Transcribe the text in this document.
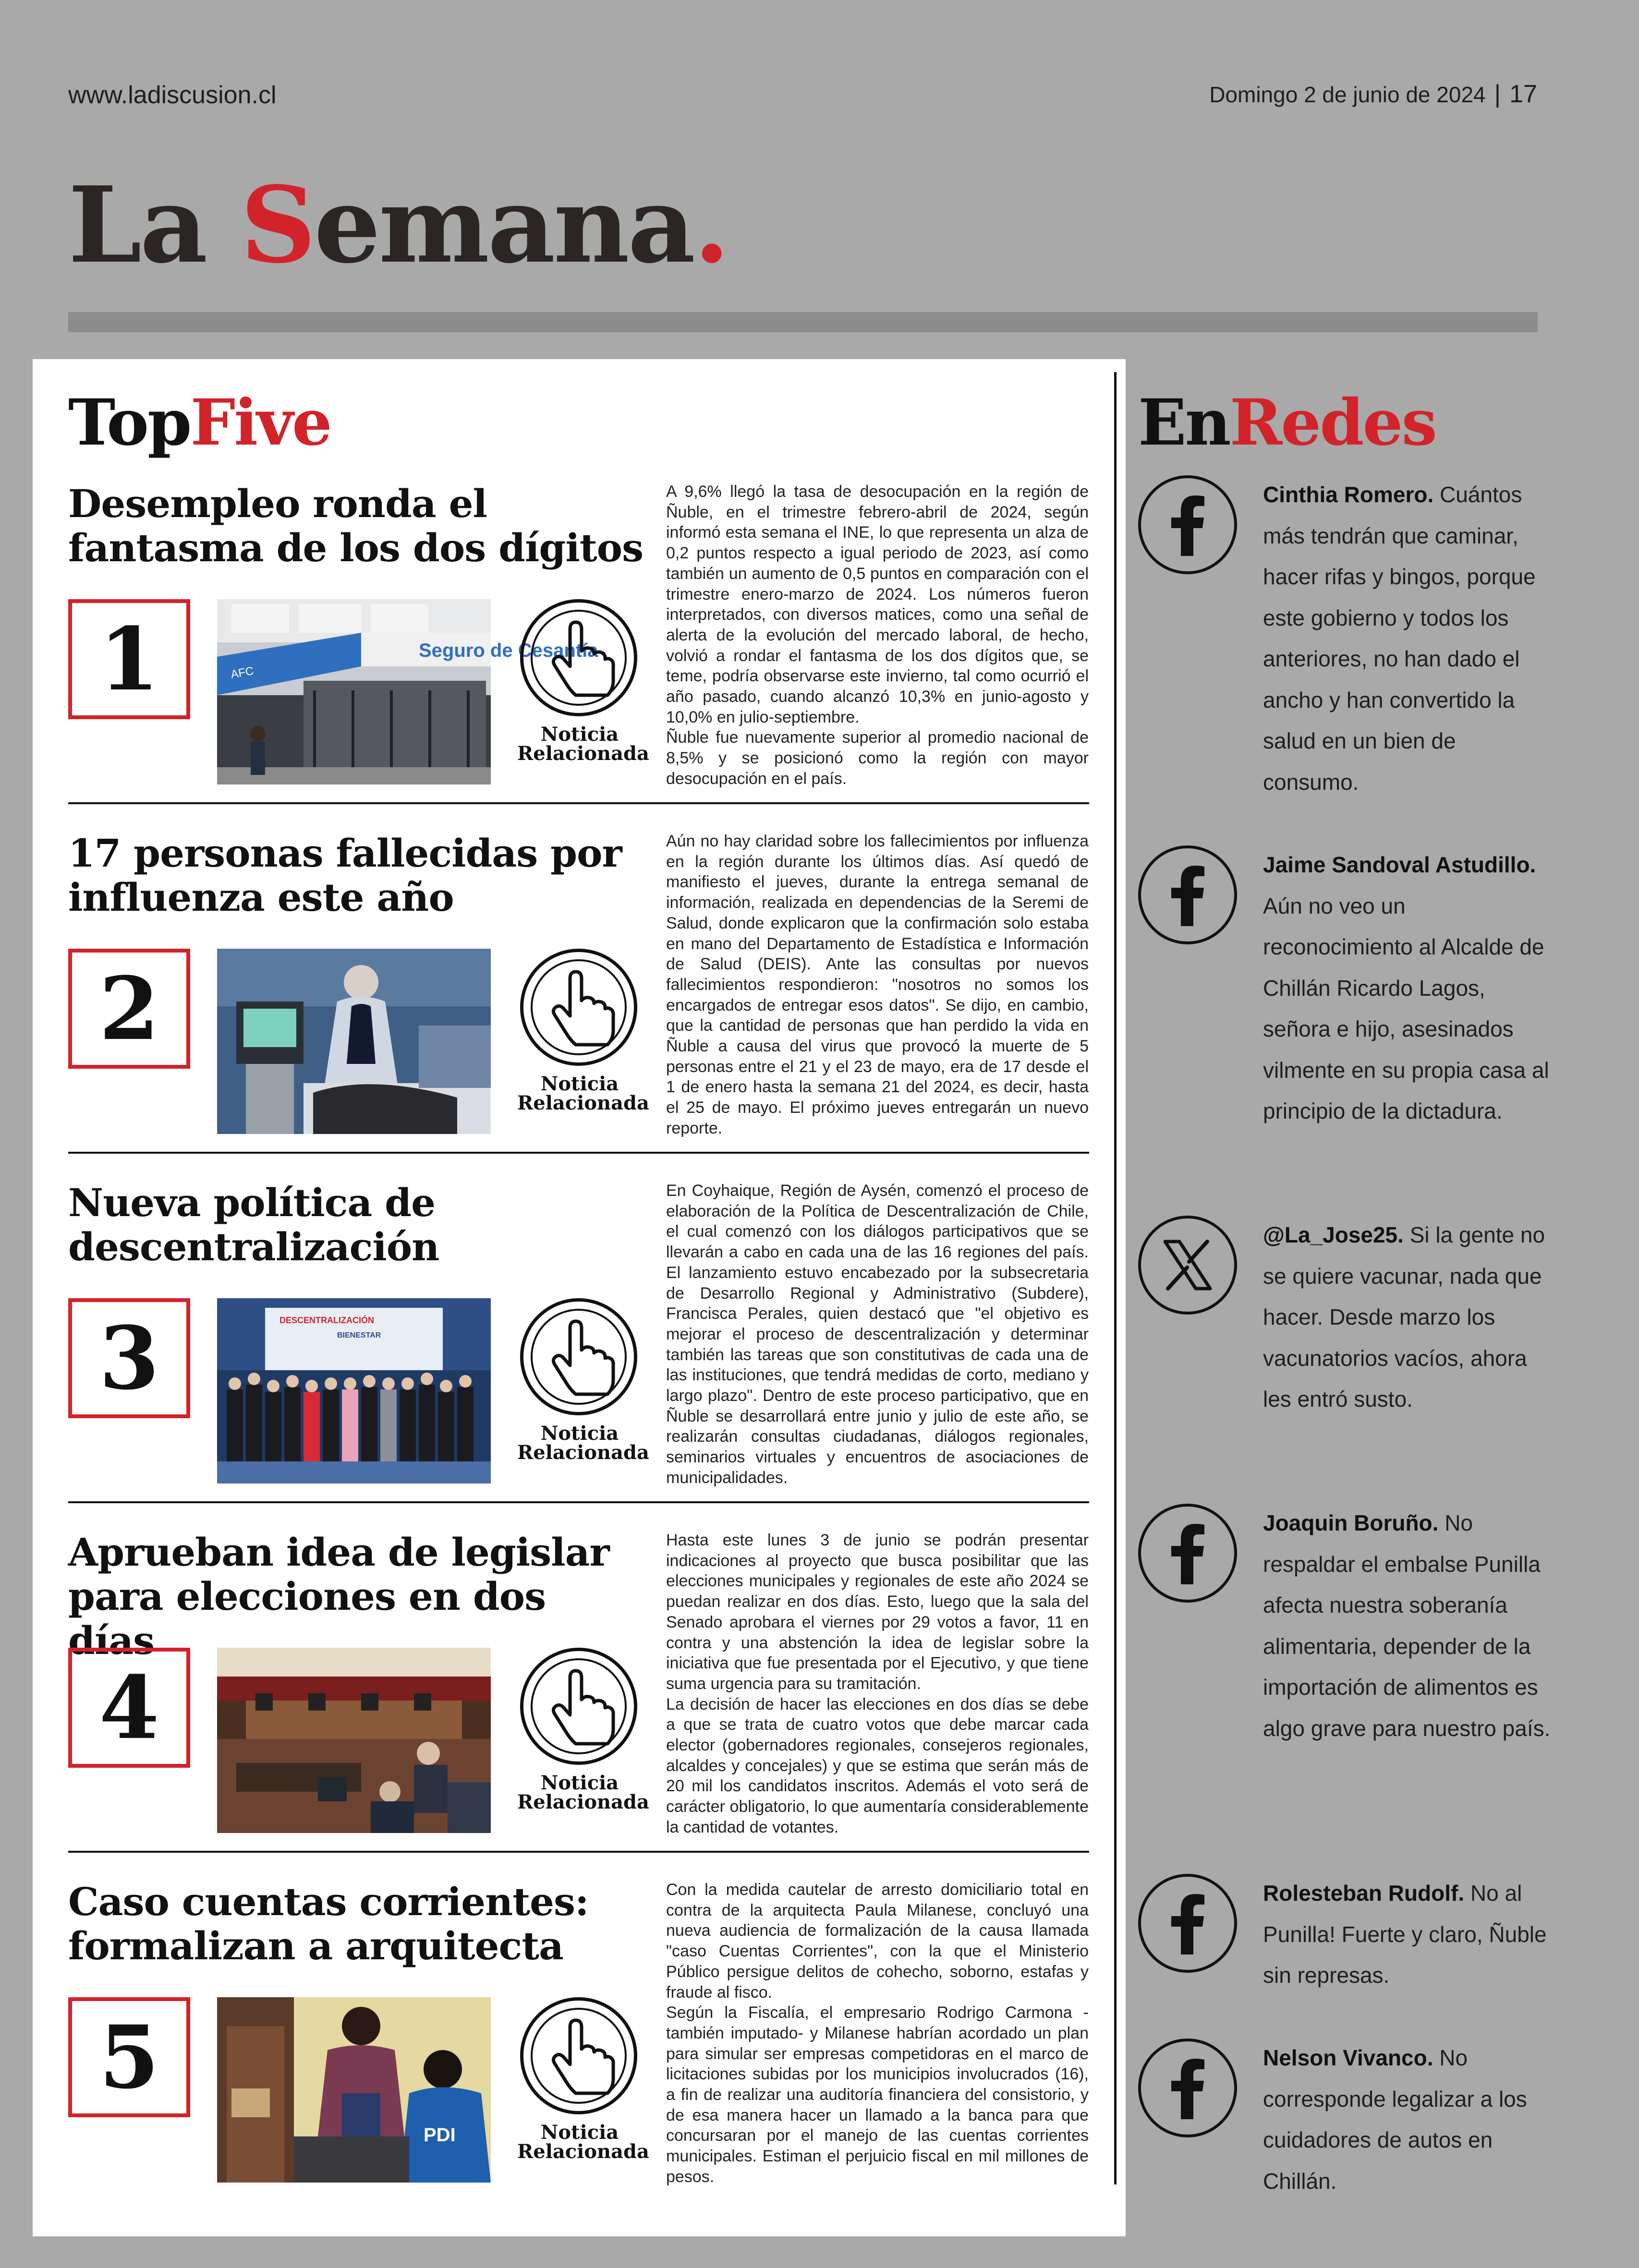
www.ladiscusion.cl	Domingo 2 de junio de 2024 | 17
La Semana.
TopFive
Desempleo ronda el fantasma de los dos dígitos
1	AFC
Seguro de Cesantía
Noticia
Relacionada

A 9,6% llegó la tasa de desocupación en la región de Ñuble, en el trimestre febrero-abril de 2024, según informó esta semana el INE, lo que representa un alza de 0,2 puntos respecto a igual periodo de 2023, así como también un aumento de 0,5 puntos en comparación con el trimestre enero-marzo de 2024. Los números fueron interpretados, con diversos matices, como una señal de alerta de la evolución del mercado laboral, de hecho, volvió a rondar el fantasma de los dos dígitos que, se teme, podría observarse este invierno, tal como ocurrió el año pasado, cuando alcanzó 10,3% en junio-agosto y 10,0% en julio-septiembre.

Ñuble fue nuevamente superior al promedio nacional de 8,5% y se posicionó como la región con mayor desocupación en el país.

17 personas fallecidas por influenza este año
2
Noticia
Relacionada

Aún no hay claridad sobre los fallecimientos por influenza en la región durante los últimos días. Así quedó de manifiesto el jueves, durante la entrega semanal de información, realizada en dependencias de la Seremi de Salud, donde explicaron que la confirmación solo estaba en mano del Departamento de Estadística e Información de Salud (DEIS). Ante las consultas por nuevos fallecimientos respondieron: "nosotros no somos los encargados de entregar esos datos". Se dijo, en cambio, que la cantidad de personas que han perdido la vida en Ñuble a causa del virus que provocó la muerte de 5 personas entre el 21 y el 23 de mayo, era de 17 desde el 1 de enero hasta la semana 21 del 2024, es decir, hasta el 25 de mayo. El próximo jueves entregarán un nuevo reporte.

Nueva política de descentralización
3	DESCENTRALIZACIÓN
BIENESTAR
Noticia
Relacionada

En Coyhaique, Región de Aysén, comenzó el proceso de elaboración de la Política de Descentralización de Chile, el cual comenzó con los diálogos participativos que se llevarán a cabo en cada una de las 16 regiones del país. El lanzamiento estuvo encabezado por la subsecretaria de Desarrollo Regional y Administrativo (Subdere), Francisca Perales, quien destacó que "el objetivo es mejorar el proceso de descentralización y determinar también las tareas que son constitutivas de cada una de las instituciones, que tendrá medidas de corto, mediano y largo plazo". Dentro de este proceso participativo, que en Ñuble se desarrollará entre junio y julio de este año, se realizarán consultas ciudadanas, diálogos regionales, seminarios virtuales y encuentros de asociaciones de municipalidades.

Aprueban idea de legislar para elecciones en dos días
4
Noticia
Relacionada

Hasta este lunes 3 de junio se podrán presentar indicaciones al proyecto que busca posibilitar que las elecciones municipales y regionales de este año 2024 se puedan realizar en dos días. Esto, luego que la sala del Senado aprobara el viernes por 29 votos a favor, 11 en contra y una abstención la idea de legislar sobre la iniciativa que fue presentada por el Ejecutivo, y que tiene suma urgencia para su tramitación.

La decisión de hacer las elecciones en dos días se debe a que se trata de cuatro votos que debe marcar cada elector (gobernadores regionales, consejeros regionales, alcaldes y concejales) y que se estima que serán más de 20 mil los candidatos inscritos. Además el voto será de carácter obligatorio, lo que aumentaría considerablemente la cantidad de votantes.

Caso cuentas corrientes: formalizan a arquitecta
5
PDI	Noticia
Relacionada

Con la medida cautelar de arresto domiciliario total en contra de la arquitecta Paula Milanese, concluyó una nueva audiencia de formalización de la causa llamada "caso Cuentas Corrientes", con la que el Ministerio Público persigue delitos de cohecho, soborno, estafas y fraude al fisco.

Según la Fiscalía, el empresario Rodrigo Carmona -también imputado- y Milanese habrían acordado un plan para simular ser empresas competidoras en el marco de licitaciones subidas por los municipios involucrados (16), a fin de realizar una auditoría financiera del consistorio, y de esa manera hacer un llamado a la banca para que concursaran por el manejo de las cuentas corrientes municipales. Estiman el perjuicio fiscal en mil millones de pesos.

EnRedes
Cinthia Romero. Cuántos más tendrán que caminar, hacer rifas y bingos, porque este gobierno y todos los anteriores, no han dado el ancho y han convertido la salud en un bien de consumo.
Jaime Sandoval Astudillo. Aún no veo un reconocimiento al Alcalde de Chillán Ricardo Lagos, señora e hijo, asesinados vilmente en su propia casa al principio de la dictadura.
@La_Jose25. Si la gente no se quiere vacunar, nada que hacer. Desde marzo los vacunatorios vacíos, ahora les entró susto.
Joaquin Boruño. No respaldar el embalse Punilla afecta nuestra soberanía alimentaria, depender de la importación de alimentos es algo grave para nuestro país.
Rolesteban Rudolf. No al Punilla! Fuerte y claro, Ñuble sin represas.
Nelson Vivanco. No corresponde legalizar a los cuidadores de autos en Chillán.
